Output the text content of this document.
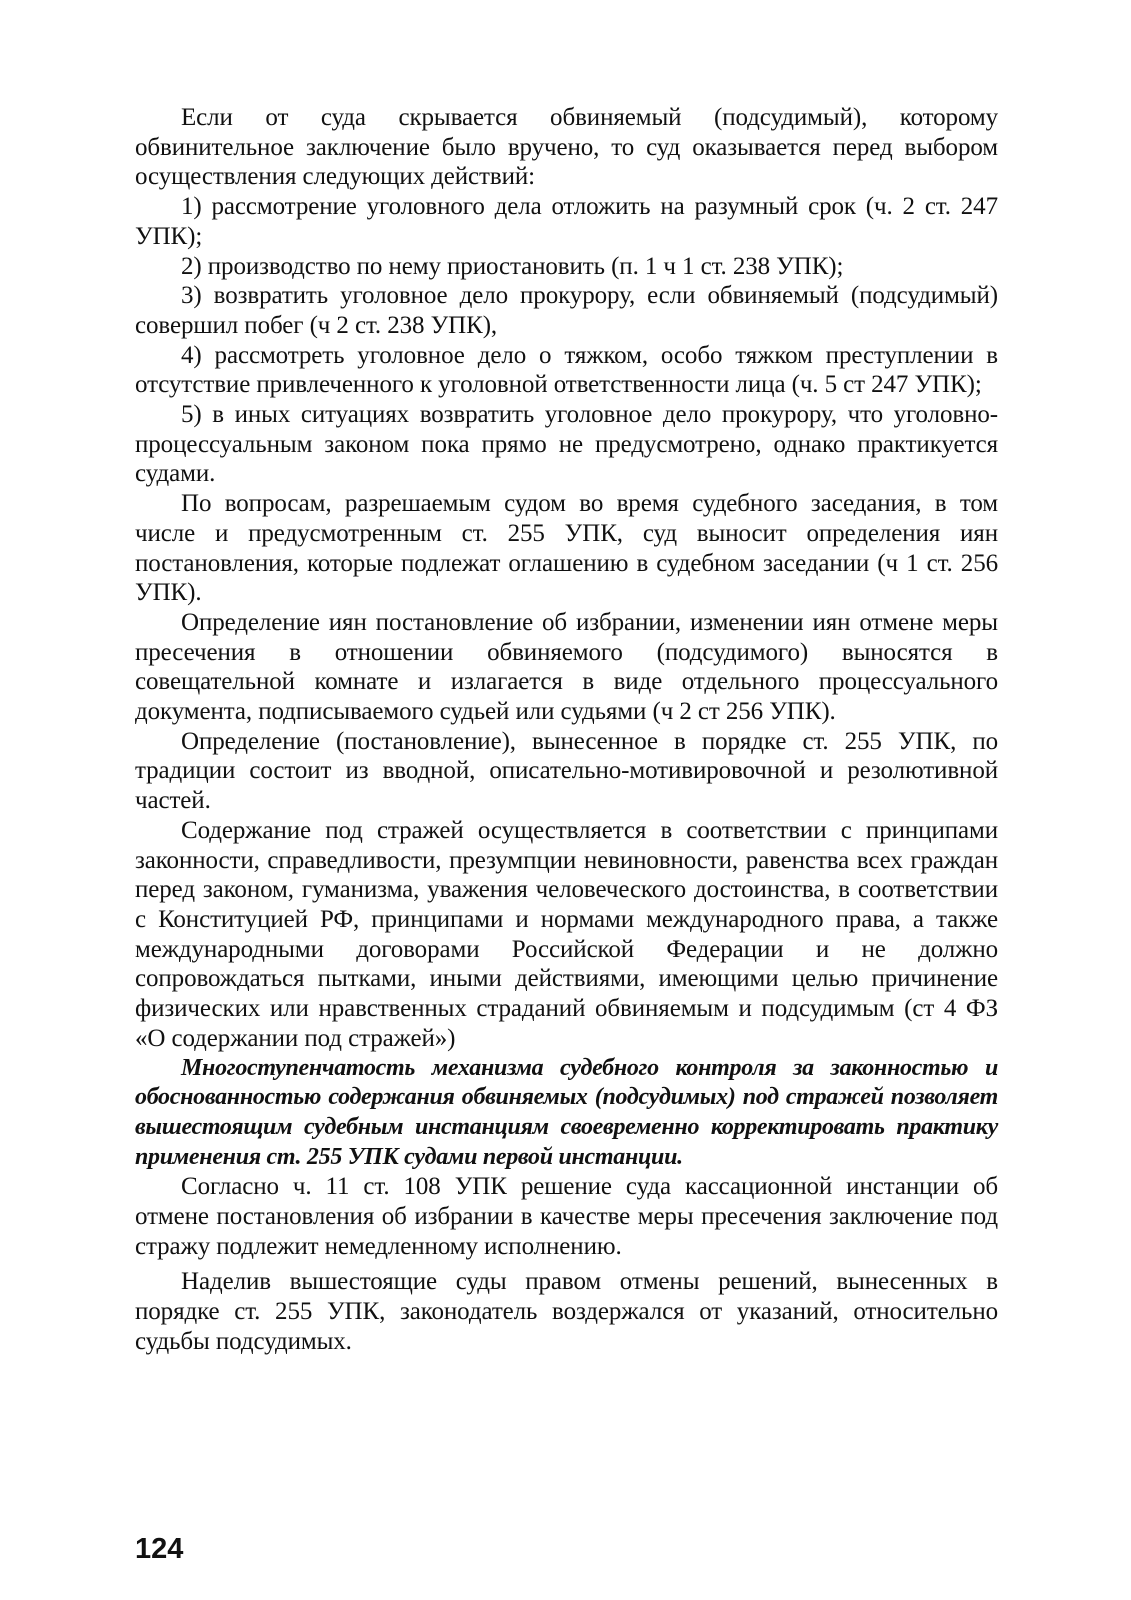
Если от суда скрывается обвиняемый (подсудимый), которому обвинительное заключение было вручено, то суд оказывается перед выбором осуществления следующих действий:

1) рассмотрение уголовного дела отложить на разумный срок (ч. 2 ст. 247 УПК);

2) производство по нему приостановить (п. 1 ч 1 ст. 238 УПК);

3) возвратить уголовное дело прокурору, если обвиняемый (подсудимый) совершил побег (ч 2 ст. 238 УПК),

4) рассмотреть уголовное дело о тяжком, особо тяжком преступлении в отсутствие привлеченного к уголовной ответственности лица (ч. 5 ст 247 УПК);

5) в иных ситуациях возвратить уголовное дело прокурору, что уголовно-процессуальным законом пока прямо не предусмотрено, однако практикуется судами.

По вопросам, разрешаемым судом во время судебного заседания, в том числе и предусмотренным ст. 255 УПК, суд выносит определения иян постановления, которые подлежат оглашению в судебном заседании (ч 1 ст. 256 УПК).

Определение иян постановление об избрании, изменении иян отмене меры пресечения в отношении обвиняемого (подсудимого) выносятся в совещательной комнате и излагается в виде отдельного процессуального документа, подписываемого судьей или судьями (ч 2 ст 256 УПК).

Определение (постановление), вынесенное в порядке ст. 255 УПК, по традиции состоит из вводной, описательно-мотивировочной и резолютивной частей.

Содержание под стражей осуществляется в соответствии с принципами законности, справедливости, презумпции невиновности, равенства всех граждан перед законом, гуманизма, уважения человеческого достоинства, в соответствии с Конституцией РФ, принципами и нормами международного права, а также международными договорами Российской Федерации и не должно сопровождаться пытками, иными действиями, имеющими целью причинение физических или нравственных страданий обвиняемым и подсудимым (ст 4 ФЗ «О содержании под стражей»)

Многоступенчатость механизма судебного контроля за законностью и обоснованностью содержания обвиняемых (подсудимых) под стражей позволяет вышестоящим судебным инстанциям своевременно корректировать практику применения ст. 255 УПК судами первой инстанции.

Согласно ч. 11 ст. 108 УПК решение суда кассационной инстанции об отмене постановления об избрании в качестве меры пресечения заключение под стражу подлежит немедленному исполнению.

Наделив вышестоящие суды правом отмены решений, вынесенных в порядке ст. 255 УПК, законодатель воздержался от указаний, относительно судьбы подсудимых.

124
